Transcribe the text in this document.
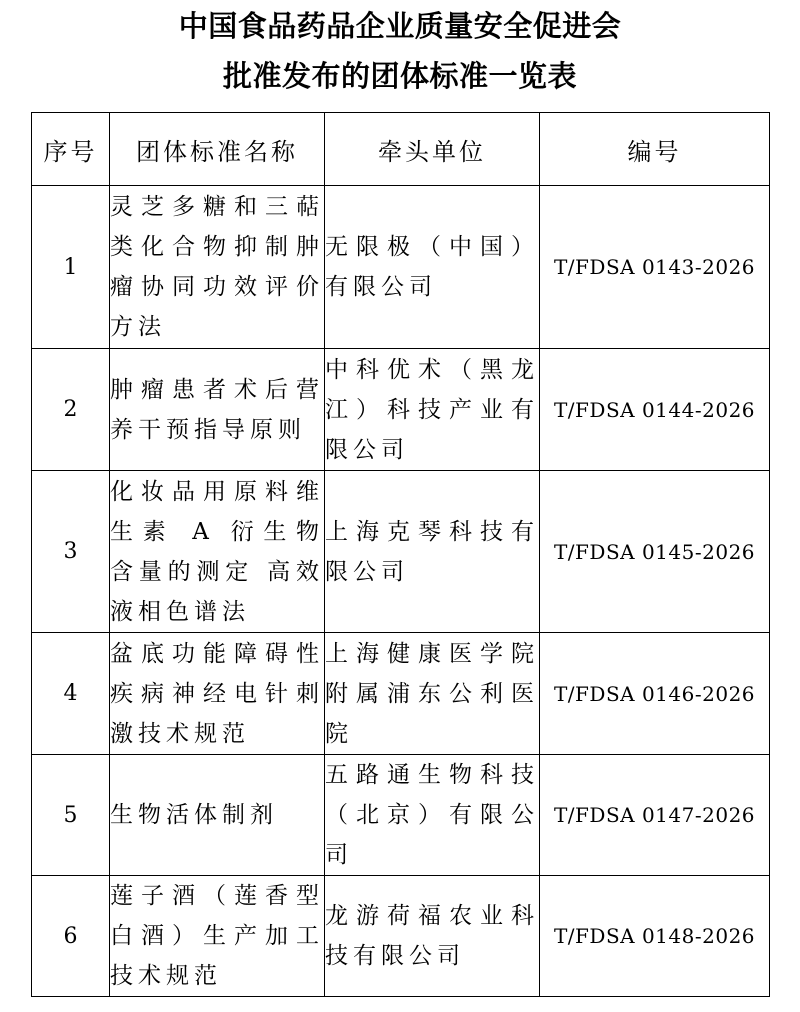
中国食品药品企业质量安全促进会
批准发布的团体标准一览表
序号	团体标准名称	牵头单位	编号
1	灵芝多糖和三萜类化合物抑制肿瘤协同功效评价方法	无限极（中国）有限公司	T/FDSA 0143-2026
2	肿瘤患者术后营养干预指导原则	中科优术（黑龙江）科技产业有限公司	T/FDSA 0144-2026
3	化妆品用原料维生素 A 衍生物含量的测定 高效液相色谱法	上海克琴科技有限公司	T/FDSA 0145-2026
4	盆底功能障碍性疾病神经电针刺激技术规范	上海健康医学院附属浦东公利医院	T/FDSA 0146-2026
5	生物活体制剂	五路通生物科技（北京）有限公司	T/FDSA 0147-2026
6	莲子酒（莲香型白酒）生产加工技术规范	龙游荷福农业科技有限公司	T/FDSA 0148-2026
